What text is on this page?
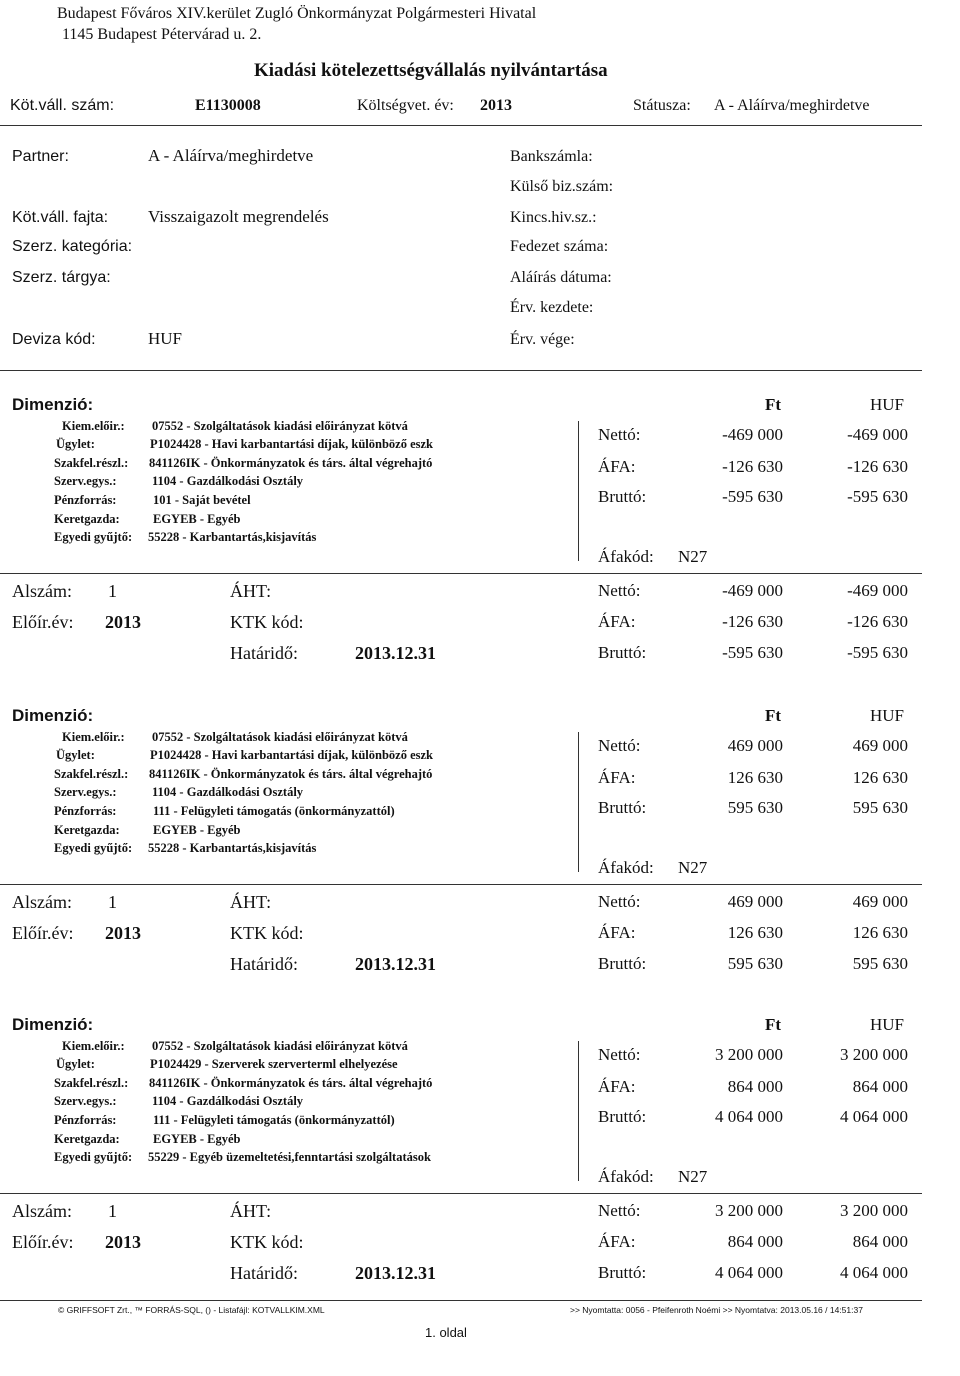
Budapest Főváros XIV.kerület Zugló Önkormányzat Polgármesteri Hivatal
1145 Budapest Pétervárad u. 2.
Kiadási kötelezettségvállalás nyilvántartása
Köt.váll. szám:	E1130008	Költségvet. év: 2013	Státusza: A - Aláírva/meghirdetve
Partner:	A - Aláírva/meghirdetve
Köt.váll. fajta: Visszaigazolt megrendelés
Szerz. kategória:
Szerz. tárgya:
Deviza kód:	HUF
Bankszámla:
Külső biz.szám:
Kincs.hiv.sz.:
Fedezet száma:
Aláírás dátuma:
Érv. kezdete:
Érv. vége:
Dimenzió:	Ft	HUF
Kiem.előir.: 07552 - Szolgáltatások kiadási előirányzat kötvá
Ügylet:	P1024428 - Havi karbantartási díjak, különböző eszk
Szakfel.részl.: 841126IK - Önkormányzatok és társ. által végrehajtó
Szerv.egys.:	1104 - Gazdálkodási Osztály
Pénzforrás:	101 - Saját bevétel
Keretgazda:	EGYEB - Egyéb
Egyedi gyűjtő: 55228 - Karbantartás,kisjavítás
Nettó:	-469 000	-469 000
ÁFA:	-126 630	-126 630
Bruttó:	-595 630	-595 630
Áfakód: N27
Alszám: 1	ÁHT:
Előír.év: 2013	KTK kód:
Határidő:	2013.12.31
Nettó:	-469 000	-469 000
ÁFA:	-126 630	-126 630
Bruttó:	-595 630	-595 630
Dimenzió:	Ft	HUF
Kiem.előir.: 07552 - Szolgáltatások kiadási előirányzat kötvá
Ügylet:	P1024428 - Havi karbantartási díjak, különböző eszk
Szakfel.részl.: 841126IK - Önkormányzatok és társ. által végrehajtó
Szerv.egys.:	1104 - Gazdálkodási Osztály
Pénzforrás:	111 - Felügyleti támogatás (önkormányzattól)
Keretgazda:	EGYEB - Egyéb
Egyedi gyűjtő: 55228 - Karbantartás,kisjavítás
Nettó:	469 000	469 000
ÁFA:	126 630	126 630
Bruttó:	595 630	595 630
Áfakód: N27
Alszám: 1	ÁHT:
Előír.év: 2013	KTK kód:
Határidő:	2013.12.31
Nettó:	469 000	469 000
ÁFA:	126 630	126 630
Bruttó:	595 630	595 630
Dimenzió:	Ft	HUF
Kiem.előir.: 07552 - Szolgáltatások kiadási előirányzat kötvá
Ügylet:	P1024429 - Szerverek szerverterml elhelyezése
Szakfel.részl.: 841126IK - Önkormányzatok és társ. által végrehajtó
Szerv.egys.:	1104 - Gazdálkodási Osztály
Pénzforrás:	111 - Felügyleti támogatás (önkormányzattól)
Keretgazda:	EGYEB - Egyéb
Egyedi gyűjtő: 55229 - Egyéb üzemeltetési,fenntartási szolgáltatások
Nettó:	3 200 000	3 200 000
ÁFA:	864 000	864 000
Bruttó:	4 064 000	4 064 000
Áfakód: N27
Alszám: 1	ÁHT:
Előír.év: 2013	KTK kód:
Határidő:	2013.12.31
Nettó:	3 200 000	3 200 000
ÁFA:	864 000	864 000
Bruttó:	4 064 000	4 064 000
© GRIFFSOFT Zrt., ™ FORRÁS-SQL, () - Listafájl: KOTVALLKIM.XML	>> Nyomtatta: 0056 - Pfeifenroth Noémi >> Nyomtatva: 2013.05.16 / 14:51:37
1. oldal
